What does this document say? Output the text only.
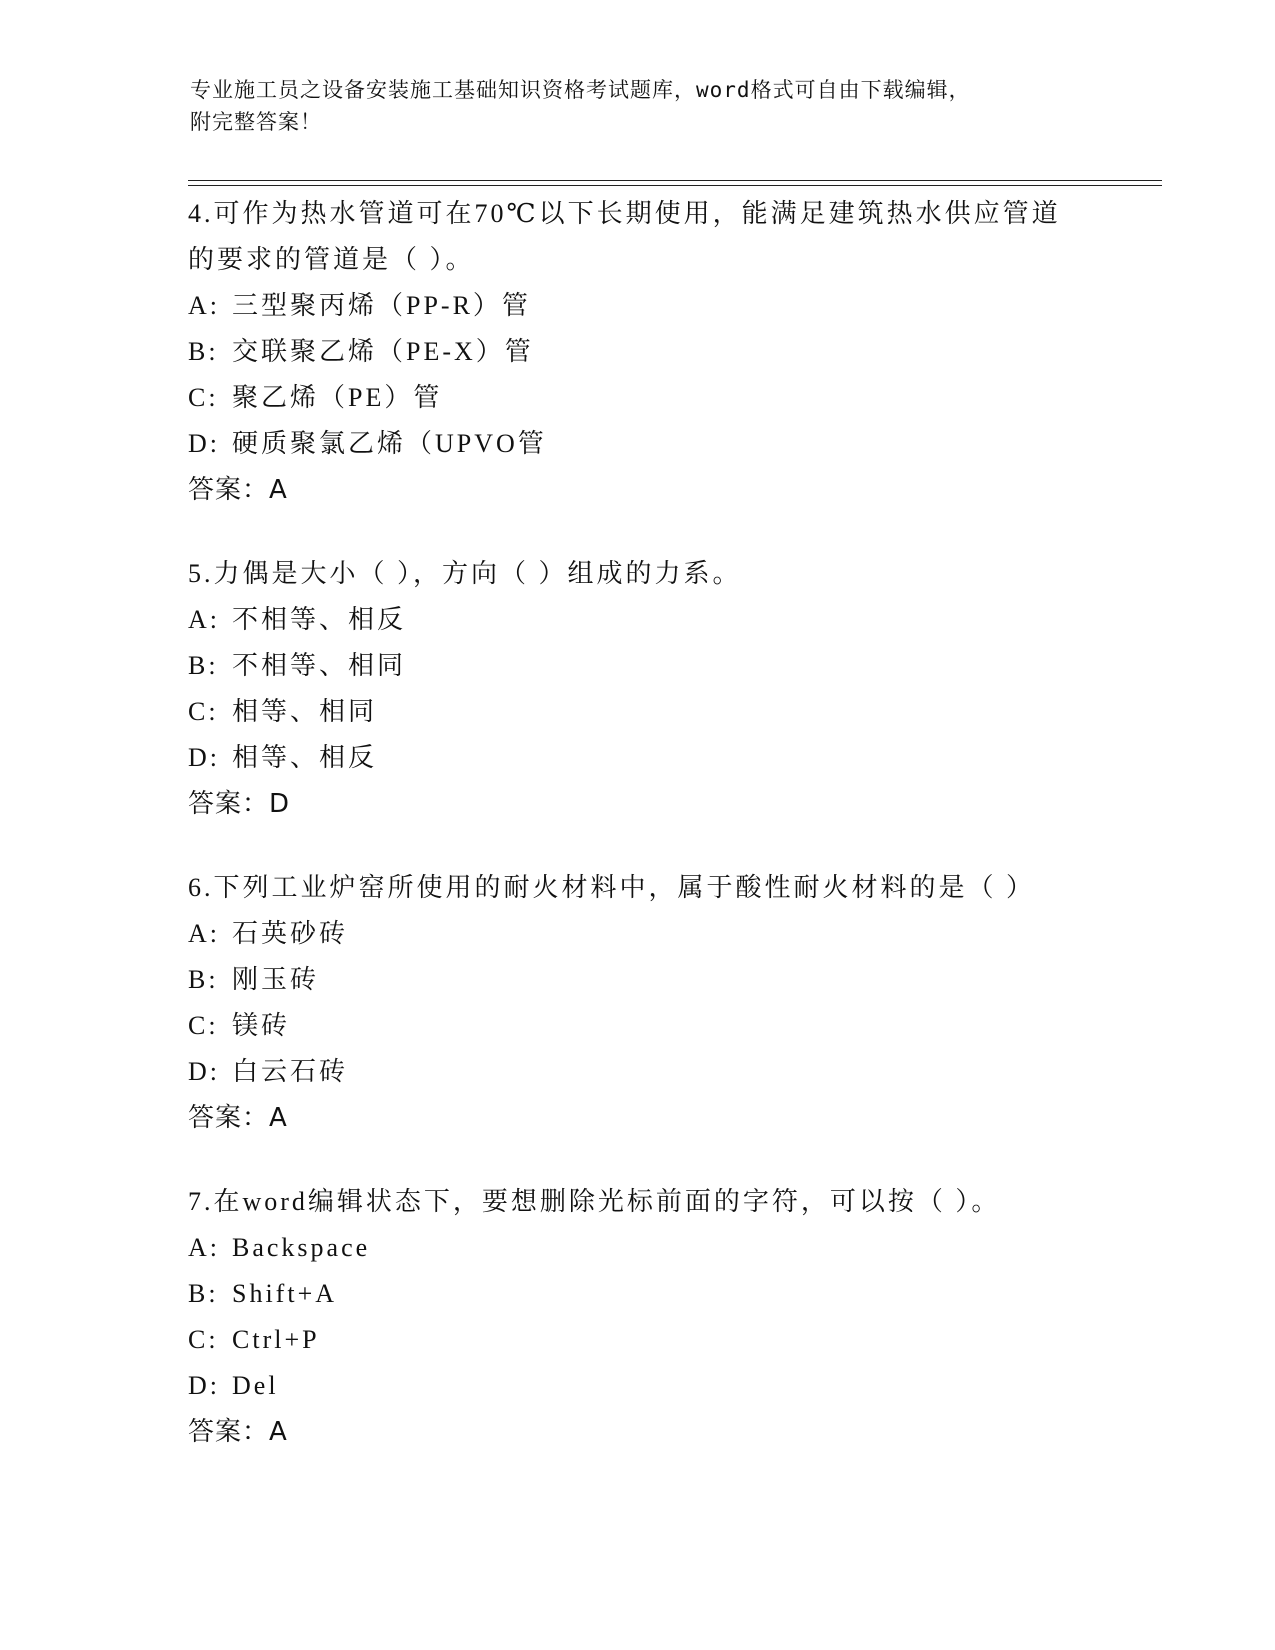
专业施工员之设备安装施工基础知识资格考试题库，word格式可自由下载编辑，
附完整答案！
4.可作为热水管道可在70℃以下长期使用，能满足建筑热水供应管道
的要求的管道是（ ）。
A: 三型聚丙烯（PP-R）管
B: 交联聚乙烯（PE-X）管
C: 聚乙烯（PE）管
D: 硬质聚氯乙烯（UPVO管
答案：A
5.力偶是大小（ ），方向（ ）组成的力系。
A: 不相等、相反
B: 不相等、相同
C: 相等、相同
D: 相等、相反
答案：D
6.下列工业炉窑所使用的耐火材料中，属于酸性耐火材料的是（ ）
A: 石英砂砖
B: 刚玉砖
C: 镁砖
D: 白云石砖
答案：A
7.在word编辑状态下，要想删除光标前面的字符，可以按（ ）。
A: Backspace
B: Shift+A
C: Ctrl+P
D: Del
答案：A
